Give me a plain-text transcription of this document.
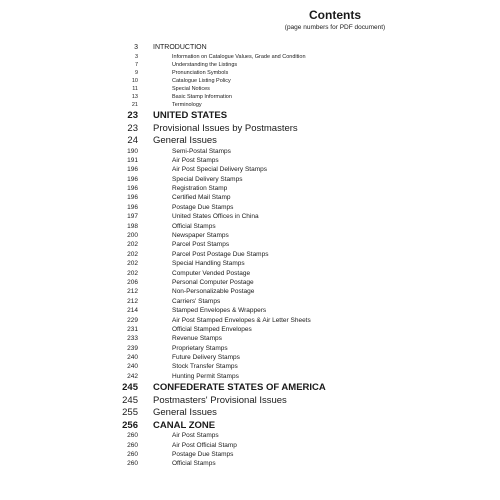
Contents
(page numbers for PDF document)
3 INTRODUCTION
3	Information on Catalogue Values, Grade and Condition
7	Understanding the Listings
9	Pronunciation Symbols
10	Catalogue Listing Policy
11	Special Notices
13	Basic Stamp Information
21	Terminology
23 UNITED STATES
23 Provisional Issues by Postmasters
24 General Issues
190	Semi-Postal Stamps
191	Air Post Stamps
196	Air Post Special Delivery Stamps
196	Special Delivery Stamps
196	Registration Stamp
196	Certified Mail Stamp
196	Postage Due Stamps
197	United States Offices in China
198	Official Stamps
200	Newspaper Stamps
202	Parcel Post Stamps
202	Parcel Post Postage Due Stamps
202	Special Handling Stamps
202	Computer Vended Postage
206	Personal Computer Postage
212	Non-Personalizable Postage
212	Carriers' Stamps
214	Stamped Envelopes & Wrappers
229	Air Post Stamped Envelopes & Air Letter Sheets
231	Official Stamped Envelopes
233	Revenue Stamps
239	Proprietary Stamps
240	Future Delivery Stamps
240	Stock Transfer Stamps
242	Hunting Permit Stamps
245 CONFEDERATE STATES OF AMERICA
245 Postmasters' Provisional Issues
255 General Issues
256 CANAL ZONE
260	Air Post Stamps
260	Air Post Official Stamp
260	Postage Due Stamps
260	Official Stamps
